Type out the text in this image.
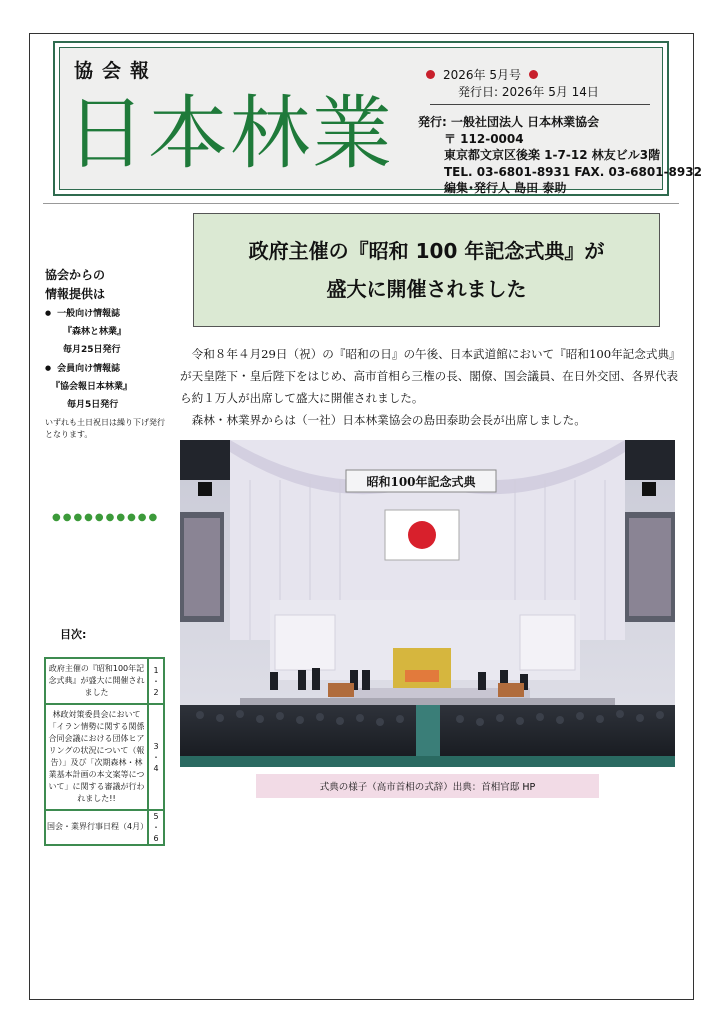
協会報
日本林業
2026年 5月号
発行日: 2026年 5月 14日
発行: 一般社団法人 日本林業協会
〒 112-0004
東京都文京区後楽 1-7-12 林友ビル3階
TEL. 03-6801-8931 FAX. 03-6801-8932
編集･発行人 島田 泰助
協会からの
情報提供は
● 一般向け情報誌
『森林と林業』
毎月25日発行
● 会員向け情報誌
『協会報日本林業』
毎月5日発行
いずれも土日祝日は繰り下げ発行となります。
●●●●●●●●●●
目次:
政府主催の『昭和100年記念式典』が盛大に開催されました
1
・
2
林政対策委員会において「イラン情勢に関する関係合同会議における団体ヒアリングの状況について（報告）」及び「次期森林・林業基本計画の本文案等について」に関する審議が行われました!!
3
・
4
国会・業界行事日程（4月）
5
・
6
政府主催の『昭和 100 年記念式典』が
盛大に開催されました

令和８年４月29日（祝）の『昭和の日』の午後、日本武道館において『昭和100年記念式典』が天皇陛下・皇后陛下をはじめ、高市首相ら三権の長、閣僚、国会議員、在日外交団、各界代表ら約１万人が出席して盛大に開催されました。

森林・林業界からは（一社）日本林業協会の島田泰助会長が出席しました。

昭和100年記念式典
式典の様子（高市首相の式辞）出典：首相官邸 HP
